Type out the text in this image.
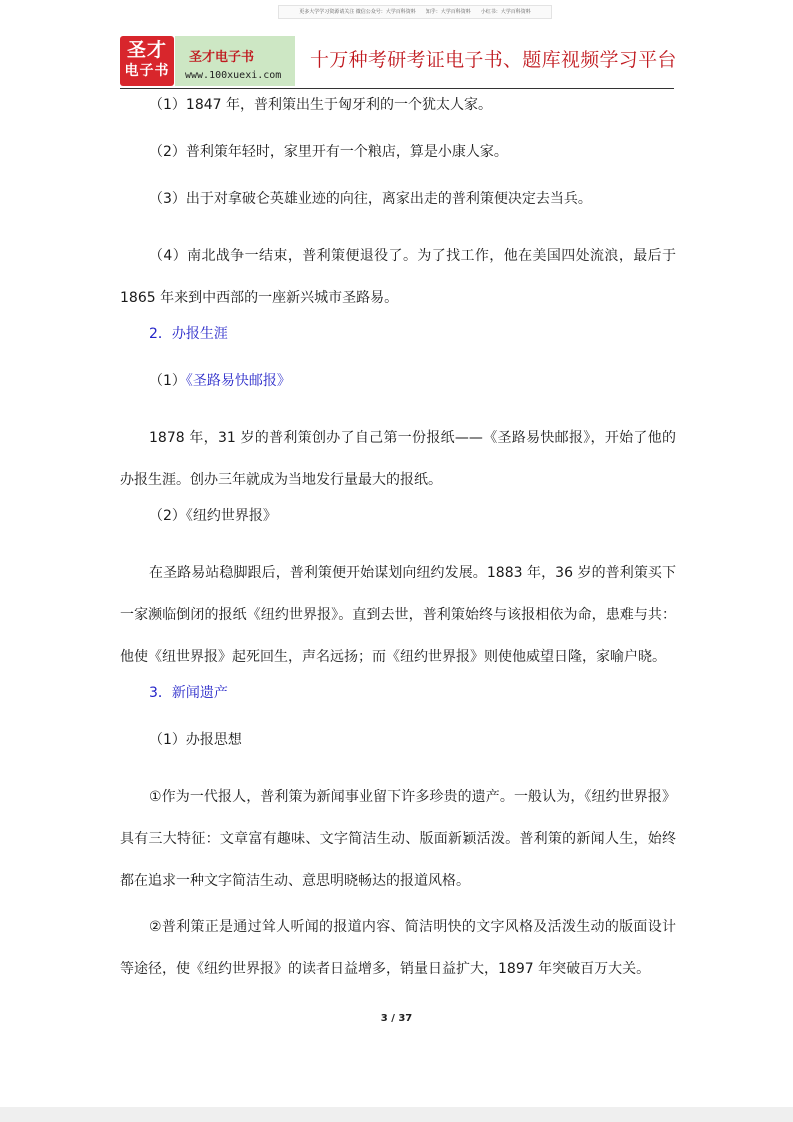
更多大学学习资源请关注 微信公众号：大学百科资料　　知乎：大学百科资料　　小红书：大学百科资料
圣才
电子书
圣才电子书
www.100xuexi.com
十万种考研考证电子书、题库视频学习平台

（1）1847 年，普利策出生于匈牙利的一个犹太人家。

（2）普利策年轻时，家里开有一个粮店，算是小康人家。

（3）出于对拿破仑英雄业迹的向往，离家出走的普利策便决定去当兵。

（4）南北战争一结束，普利策便退役了。为了找工作，他在美国四处流浪，最后于 1865 年来到中西部的一座新兴城市圣路易。

2．办报生涯

（1）《圣路易快邮报》

1878 年，31 岁的普利策创办了自己第一份报纸——《圣路易快邮报》，开始了他的办报生涯。创办三年就成为当地发行量最大的报纸。

（2）《纽约世界报》

在圣路易站稳脚跟后，普利策便开始谋划向纽约发展。1883 年，36 岁的普利策买下一家濒临倒闭的报纸《纽约世界报》。直到去世，普利策始终与该报相依为命，患难与共：他使《纽世界报》起死回生，声名远扬；而《纽约世界报》则使他威望日隆，家喻户晓。

3．新闻遗产

（1）办报思想

①作为一代报人，普利策为新闻事业留下许多珍贵的遗产。一般认为，《纽约世界报》具有三大特征：文章富有趣味、文字简洁生动、版面新颖活泼。普利策的新闻人生，始终都在追求一种文字简洁生动、意思明晓畅达的报道风格。

②普利策正是通过耸人听闻的报道内容、简洁明快的文字风格及活泼生动的版面设计等途径，使《纽约世界报》的读者日益增多，销量日益扩大，1897 年突破百万大关。

3 / 37
